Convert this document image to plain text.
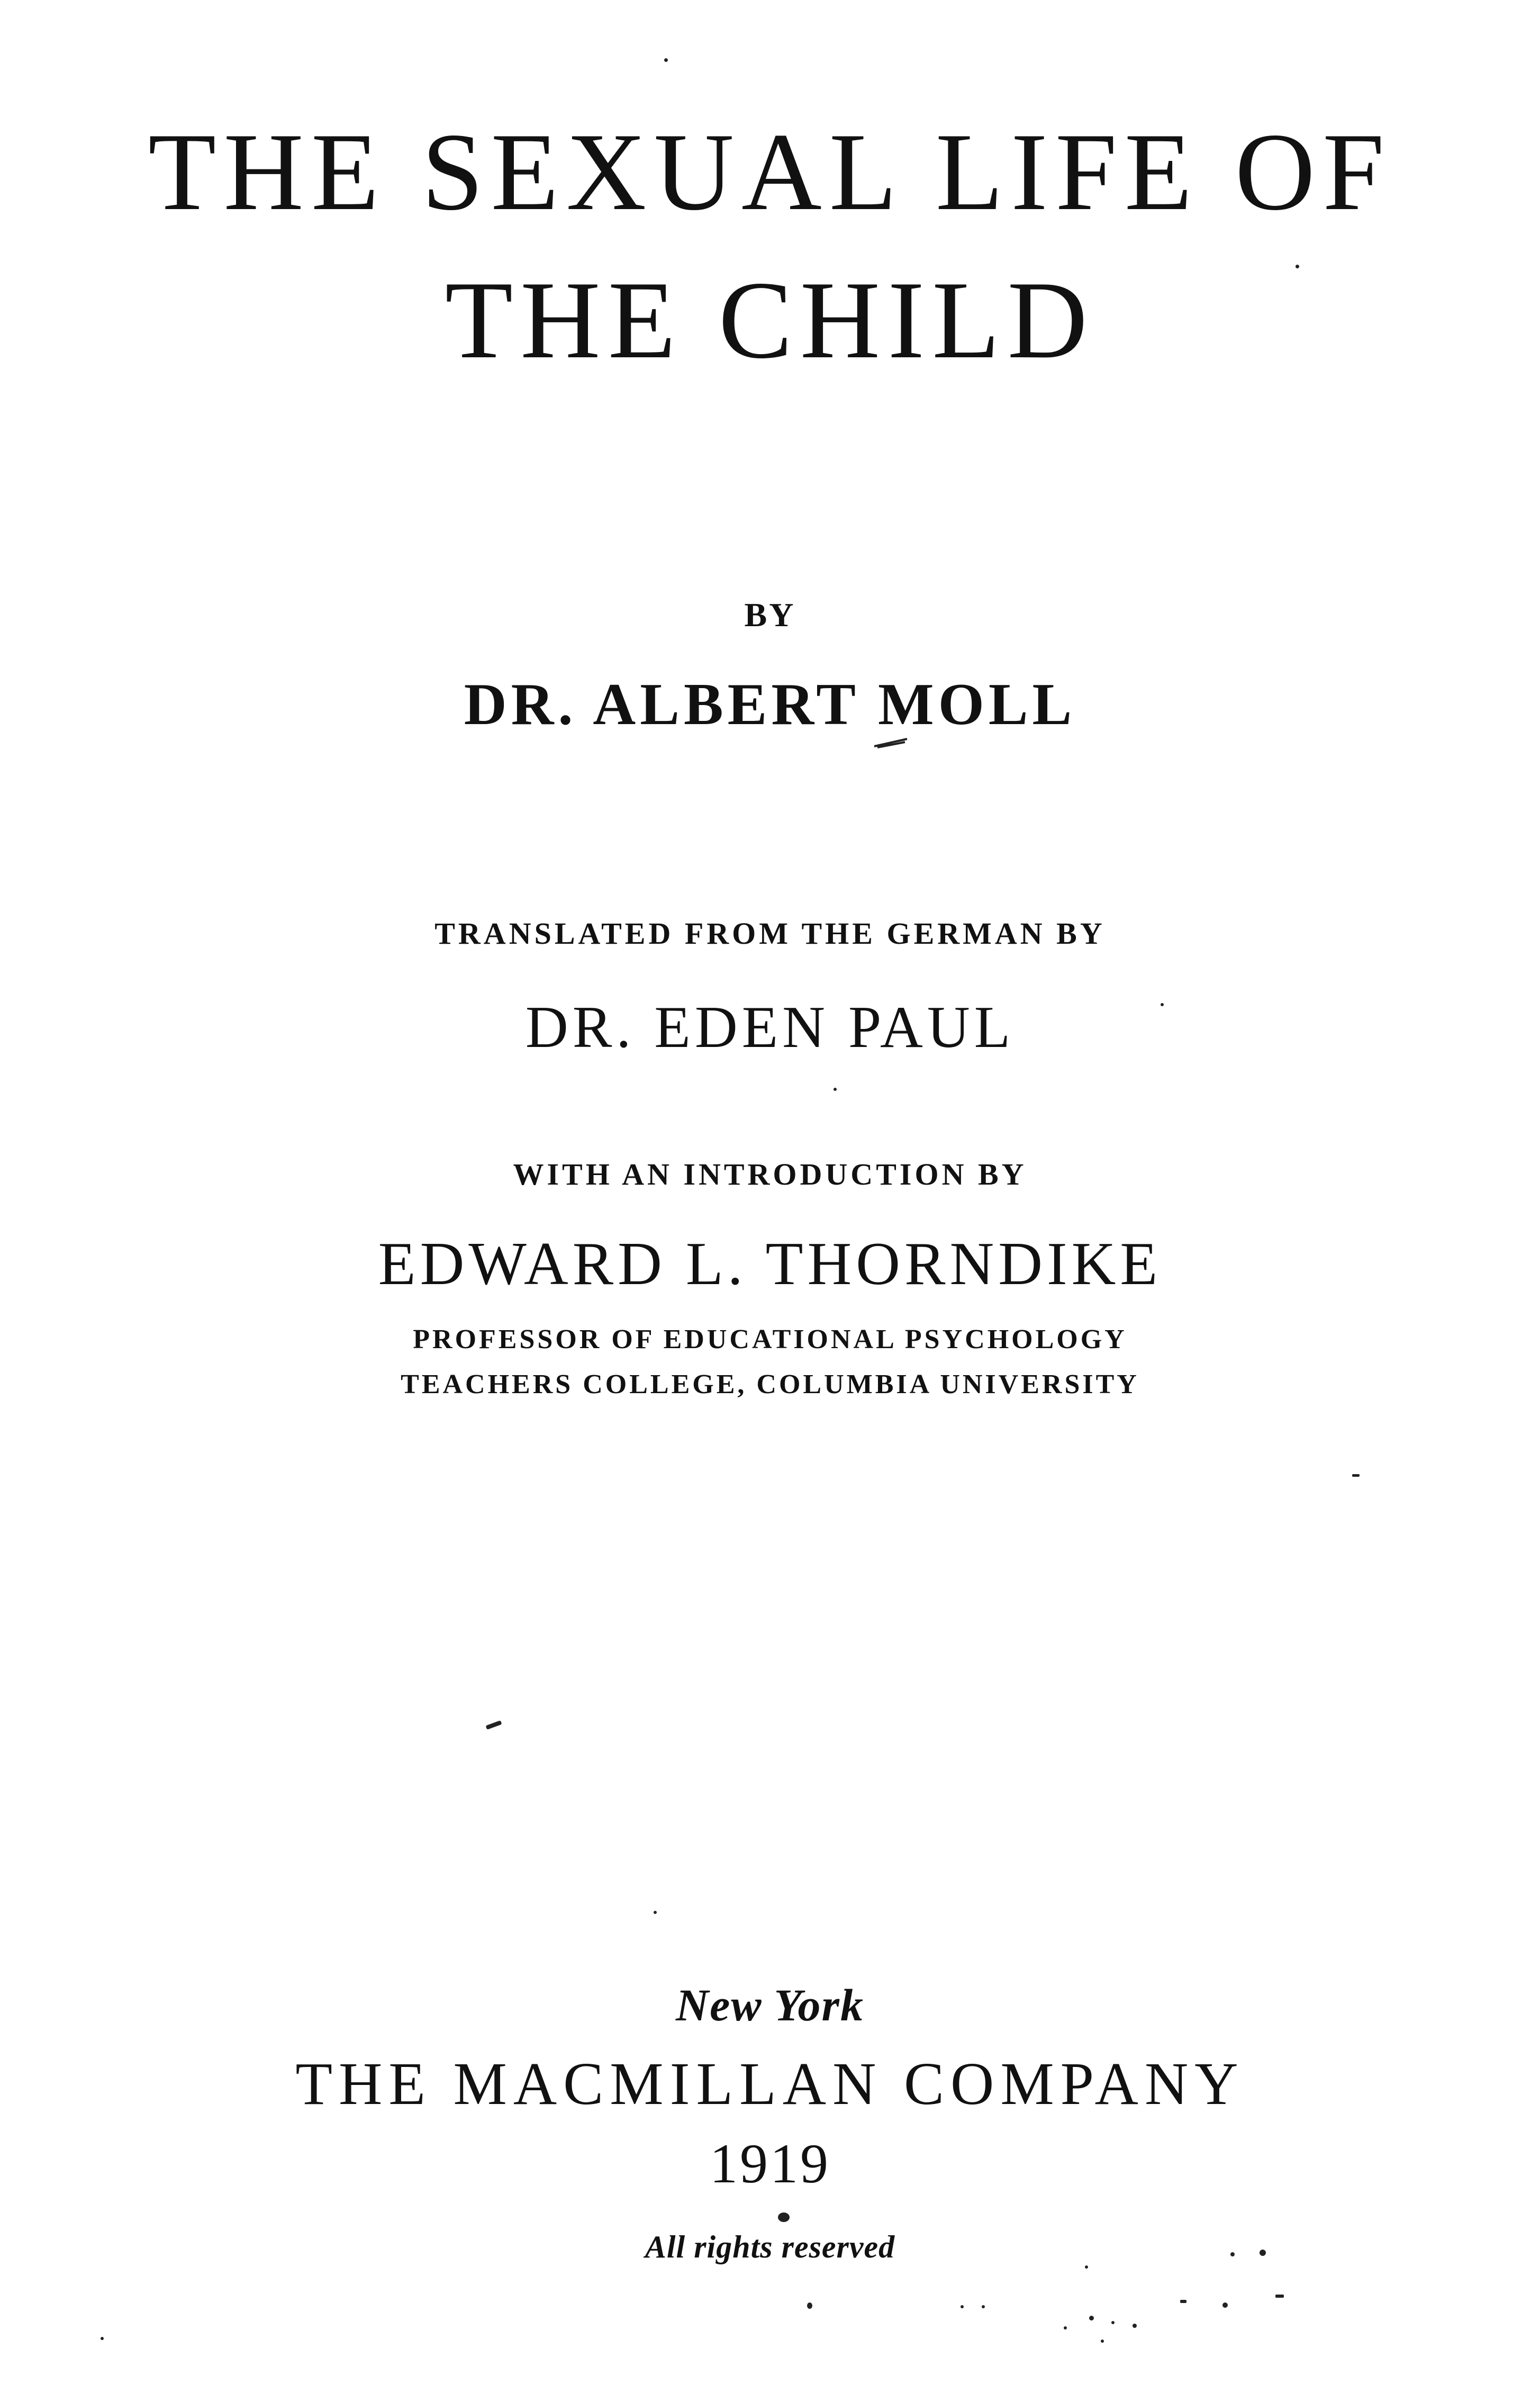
THE SEXUAL LIFE OF
THE CHILD
BY
DR. ALBERT MOLL
TRANSLATED FROM THE GERMAN BY
DR. EDEN PAUL
WITH AN INTRODUCTION BY
EDWARD L. THORNDIKE
PROFESSOR OF EDUCATIONAL PSYCHOLOGY
TEACHERS COLLEGE, COLUMBIA UNIVERSITY
New York
THE MACMILLAN COMPANY
1919
All rights reserved
